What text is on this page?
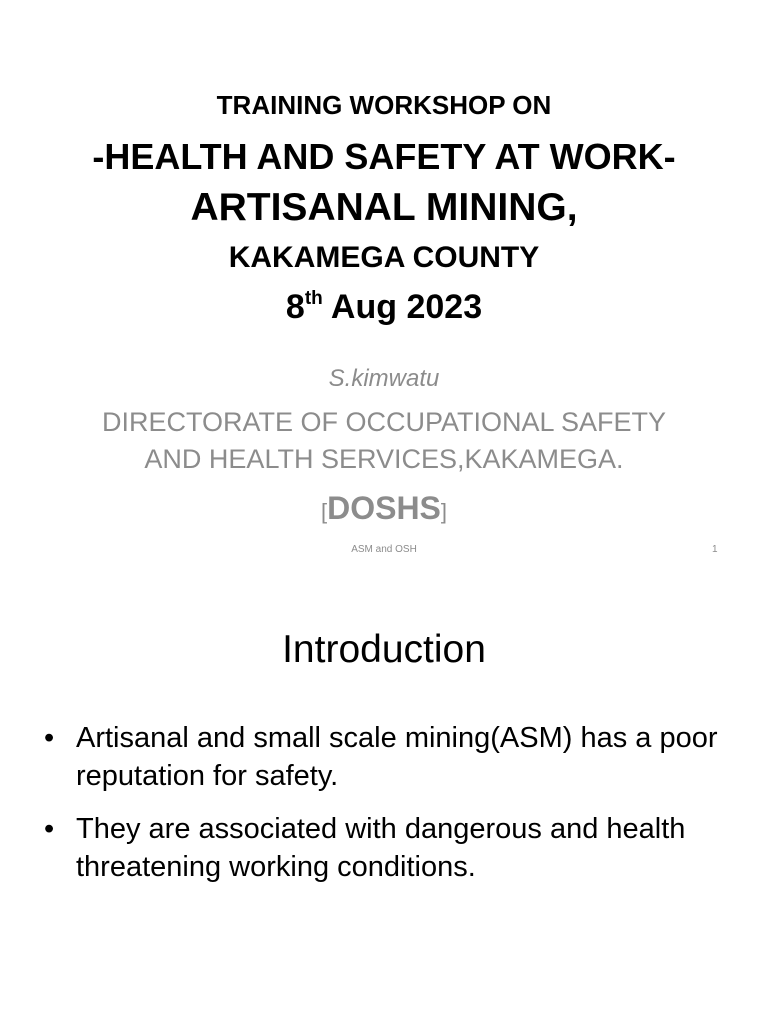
TRAINING WORKSHOP ON
-HEALTH AND SAFETY AT WORK-
ARTISANAL MINING,
KAKAMEGA COUNTY
8th Aug 2023
S.kimwatu
DIRECTORATE OF OCCUPATIONAL SAFETY
AND HEALTH SERVICES,KAKAMEGA.
[DOSHS]
ASM and OSH	1
Introduction
• Artisanal and small scale mining(ASM) has a poor reputation for safety.
• They are associated with dangerous and health threatening working conditions.
